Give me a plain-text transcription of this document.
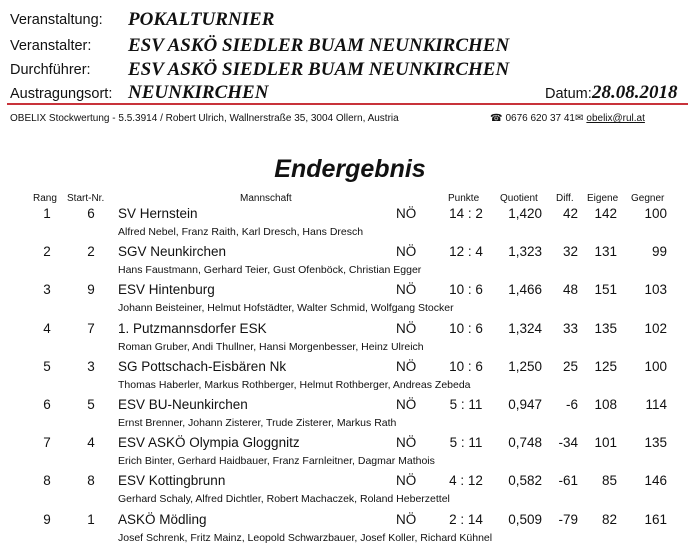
Veranstaltung: POKALTURNIER
Veranstalter: ESV ASKÖ SIEDLER BUAM NEUNKIRCHEN
Durchführer: ESV ASKÖ SIEDLER BUAM NEUNKIRCHEN
Austragungsort: NEUNKIRCHEN	Datum: 28.08.2018
OBELIX Stockwertung - 5.5.3914 / Robert Ulrich, Wallnerstraße 35, 3004 Ollern, Austria	☎ 0676 620 37 41 ✉ obelix@rul.at
Endergebnis
Rang Start-Nr.	Mannschaft	Punkte Quotient Diff. Eigene Gegner
1	6 SV Hernstein	NÖ	14 : 2	1,420	42	142	100
Alfred Nebel, Franz Raith, Karl Dresch, Hans Dresch
2	2 SGV Neunkirchen	NÖ	12 : 4	1,323	32	131	99
Hans Faustmann, Gerhard Teier, Gust Ofenböck, Christian Egger
3	9 ESV Hintenburg	NÖ	10 : 6	1,466	48	151	103
Johann Beisteiner, Helmut Hofstädter, Walter Schmid, Wolfgang Stocker
4	7 1. Putzmannsdorfer ESK	NÖ	10 : 6	1,324	33	135	102
Roman Gruber, Andi Thullner, Hansi Morgenbesser, Heinz Ulreich
5	3 SG Pottschach-Eisbären Nk	NÖ	10 : 6	1,250	25	125	100
Thomas Haberler, Markus Rothberger, Helmut Rothberger, Andreas Zebeda
6	5 ESV BU-Neunkirchen	NÖ	5 : 11	0,947	-6	108	114
Ernst Brenner, Johann Zisterer, Trude Zisterer, Markus Rath
7	4 ESV ASKÖ Olympia Gloggnitz	NÖ	5 : 11	0,748	-34	101	135
Erich Binter, Gerhard Haidbauer, Franz Farnleitner, Dagmar Mathois
8	8 ESV Kottingbrunn	NÖ	4 : 12	0,582	-61	85	146
Gerhard Schaly, Alfred Dichtler, Robert Machaczek, Roland Heberzettel
9	1 ASKÖ Mödling	NÖ	2 : 14	0,509	-79	82	161
Josef Schrenk, Fritz Mainz, Leopold Schwarzbauer, Josef Koller, Richard Kühnel
